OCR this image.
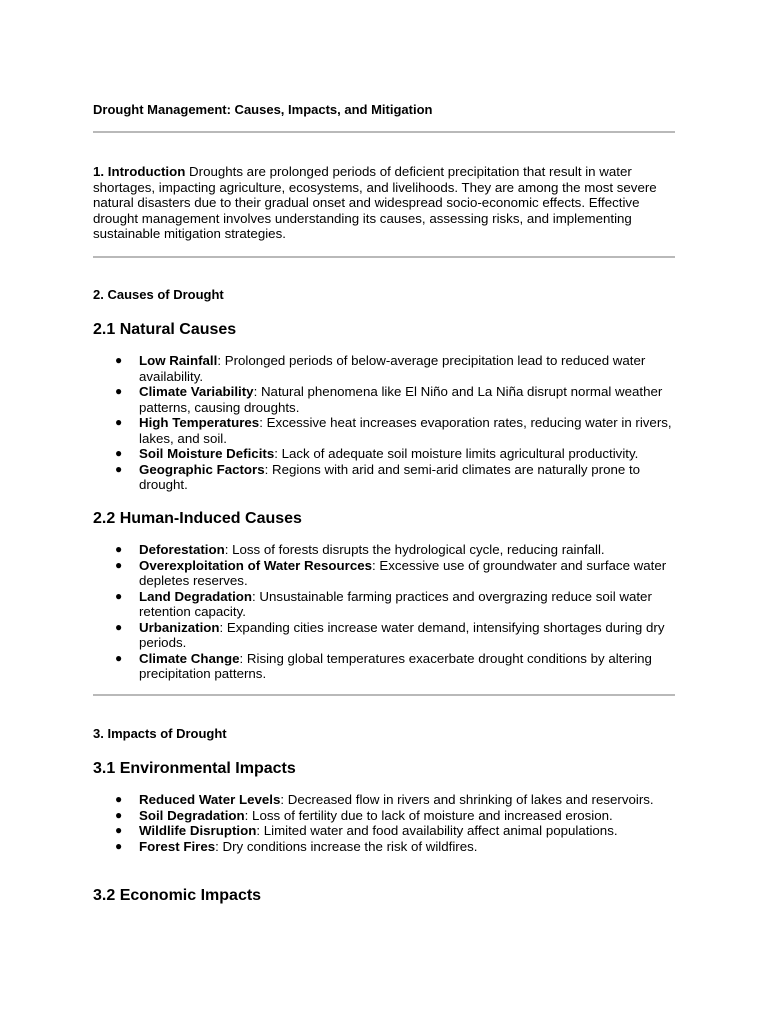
Drought Management: Causes, Impacts, and Mitigation
1. Introduction Droughts are prolonged periods of deficient precipitation that result in water shortages, impacting agriculture, ecosystems, and livelihoods. They are among the most severe natural disasters due to their gradual onset and widespread socio-economic effects. Effective drought management involves understanding its causes, assessing risks, and implementing sustainable mitigation strategies.
2. Causes of Drought
2.1 Natural Causes
● Low Rainfall: Prolonged periods of below-average precipitation lead to reduced water availability.
● Climate Variability: Natural phenomena like El Niño and La Niña disrupt normal weather patterns, causing droughts.
● High Temperatures: Excessive heat increases evaporation rates, reducing water in rivers, lakes, and soil.
● Soil Moisture Deficits: Lack of adequate soil moisture limits agricultural productivity.
● Geographic Factors: Regions with arid and semi-arid climates are naturally prone to drought.
2.2 Human-Induced Causes
● Deforestation: Loss of forests disrupts the hydrological cycle, reducing rainfall.
● Overexploitation of Water Resources: Excessive use of groundwater and surface water depletes reserves.
● Land Degradation: Unsustainable farming practices and overgrazing reduce soil water retention capacity.
● Urbanization: Expanding cities increase water demand, intensifying shortages during dry periods.
● Climate Change: Rising global temperatures exacerbate drought conditions by altering precipitation patterns.
3. Impacts of Drought
3.1 Environmental Impacts
● Reduced Water Levels: Decreased flow in rivers and shrinking of lakes and reservoirs.
● Soil Degradation: Loss of fertility due to lack of moisture and increased erosion.
● Wildlife Disruption: Limited water and food availability affect animal populations.
● Forest Fires: Dry conditions increase the risk of wildfires.
3.2 Economic Impacts
